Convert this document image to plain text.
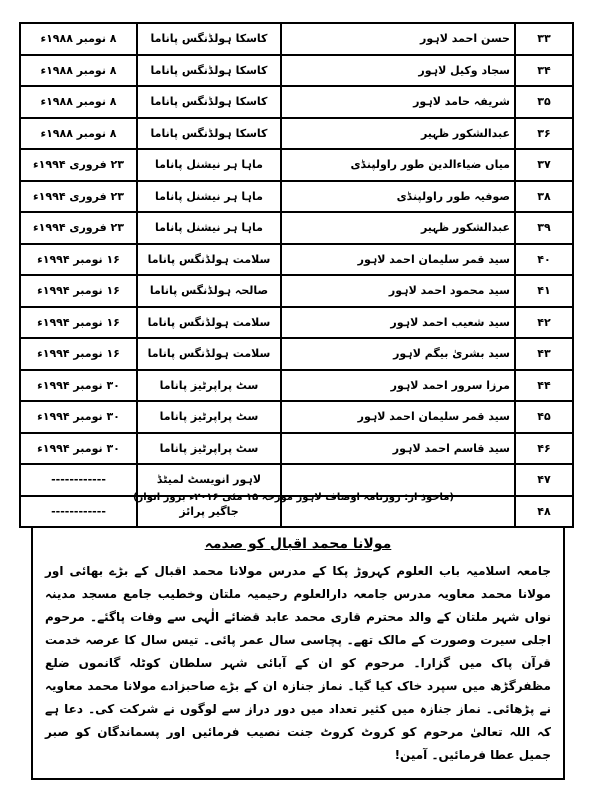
۸ نومبر ۱۹۸۸ء	کاسکا ہولڈنگس پاناما	حسن احمد لاہور	۳۳
۸ نومبر ۱۹۸۸ء	کاسکا ہولڈنگس پاناما	سجاد وکیل لاہور	۳۴
۸ نومبر ۱۹۸۸ء	کاسکا ہولڈنگس پاناما	شریفہ حامد لاہور	۳۵
۸ نومبر ۱۹۸۸ء	کاسکا ہولڈنگس پاناما	عبدالشکور ظہیر	۳۶
۲۳ فروری ۱۹۹۴ء	ماہا ہر نیشنل پاناما	میاں ضیاءالدین طور راولپنڈی	۳۷
۲۳ فروری ۱۹۹۴ء	ماہا ہر نیشنل پاناما	صوفیہ طور راولپنڈی	۳۸
۲۳ فروری ۱۹۹۴ء	ماہا ہر نیشنل پاناما	عبدالشکور ظہیر	۳۹
۱۶ نومبر ۱۹۹۴ء	سلامت ہولڈنگس پاناما	سید قمر سلیمان احمد لاہور	۴۰
۱۶ نومبر ۱۹۹۴ء	صالحہ ہولڈنگس پاناما	سید محمود احمد لاہور	۴۱
۱۶ نومبر ۱۹۹۴ء	سلامت ہولڈنگس پاناما	سید شعیب احمد لاہور	۴۲
۱۶ نومبر ۱۹۹۴ء	سلامت ہولڈنگس پاناما	سید بشریٰ بیگم لاہور	۴۳
۳۰ نومبر ۱۹۹۴ء	سٹ پراپرٹیز پاناما	مرزا سرور احمد لاہور	۴۴
۳۰ نومبر ۱۹۹۴ء	سٹ پراپرٹیز پاناما	سید قمر سلیمان احمد لاہور	۴۵
۳۰ نومبر ۱۹۹۴ء	سٹ پراپرٹیز پاناما	سید قاسم احمد لاہور	۴۶
------------	لاہور انویسٹ لمیٹڈ		۴۷
------------	جاگیر پرائز		۴۸
(ماخوذ از: روزنامہ اوصاف لاہور مورخہ ۱۵ مئی ۲۰۱۶ء بروز اتوار)
مولانا محمد اقبال کو صدمہ

جامعہ اسلامیہ باب العلوم کہروڑ پکا کے مدرس مولانا محمد اقبال کے بڑے بھائی اور مولانا محمد معاویہ مدرس جامعہ دارالعلوم رحیمیہ ملتان وخطیب جامع مسجد مدینہ نواں شہر ملتان کے والد محترم قاری محمد عابد قضائے الٰہی سے وفات پاگئے۔ مرحوم اجلی سیرت وصورت کے مالک تھے۔ پچاسی سال عمر پائی۔ تیس سال کا عرصہ خدمت قرآن پاک میں گزارا۔ مرحوم کو ان کے آبائی شہر سلطان کوٹلہ گانموں ضلع مظفرگڑھ میں سپرد خاک کیا گیا۔ نماز جنازہ ان کے بڑے صاحبزادے مولانا محمد معاویہ نے پڑھائی۔ نماز جنازہ میں کثیر تعداد میں دور دراز سے لوگوں نے شرکت کی۔ دعا ہے کہ اللہ تعالیٰ مرحوم کو کروٹ کروٹ جنت نصیب فرمائیں اور پسماندگان کو صبر جمیل عطا فرمائیں۔ آمین!
